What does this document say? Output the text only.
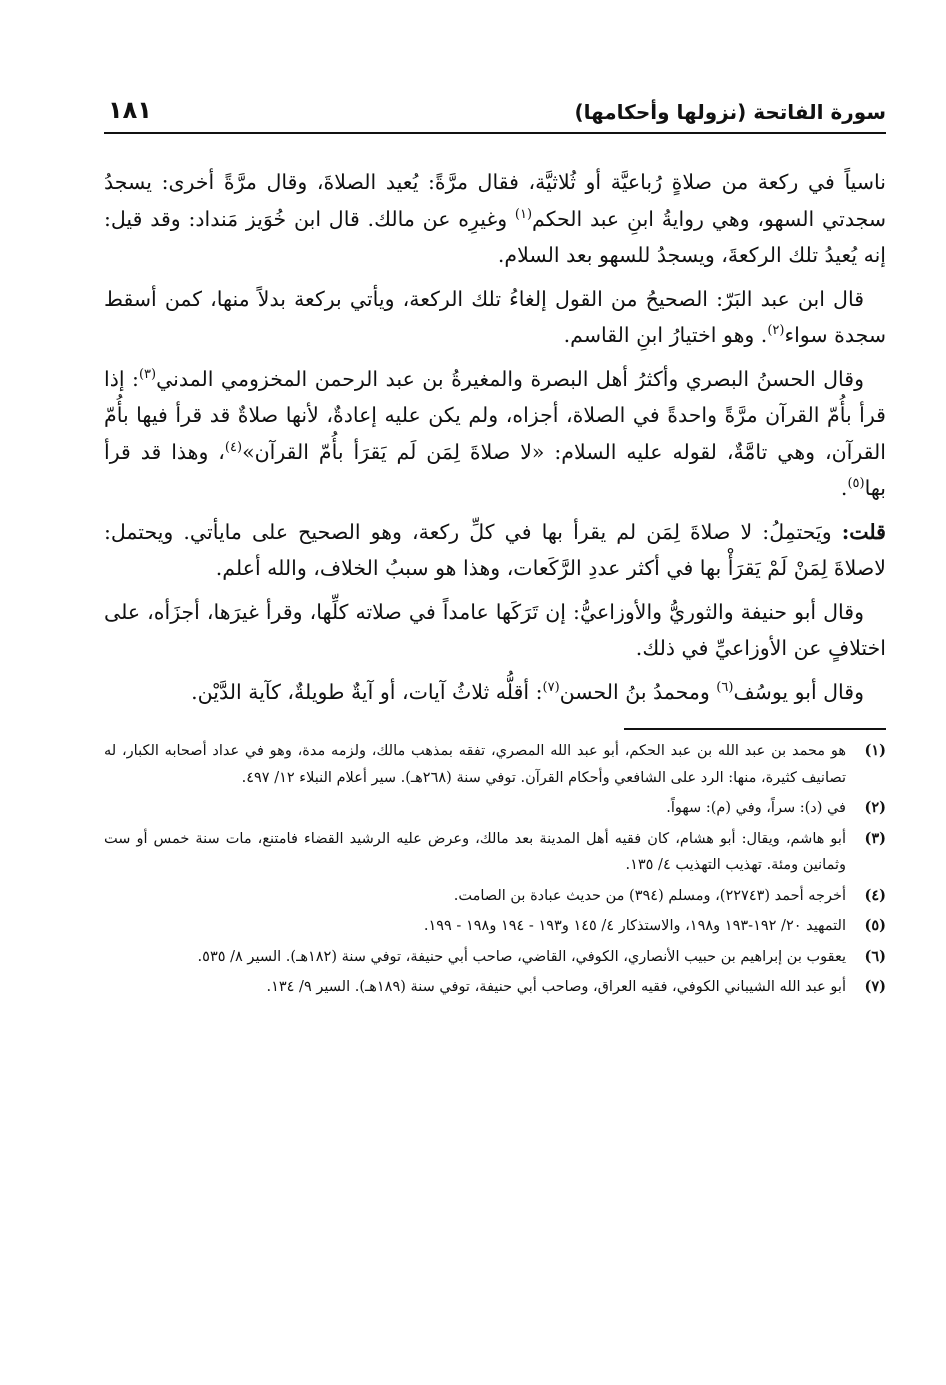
سورة الفاتحة (نزولها وأحكامها)
١٨١

ناسياً في ركعة من صلاةٍ رُباعيَّة أو ثُلاثيَّة، فقال مرَّةً: يُعيد الصلاةَ، وقال مرَّةً أخرى: يسجدُ سجدتي السهو، وهي روايةُ ابنِ عبد الحكم$^{(١)}$ وغيرِه عن مالك. قال ابن خُوَيز مَنداد: وقد قيل: إنه يُعيدُ تلك الركعةَ، ويسجدُ للسهو بعد السلام.

قال ابن عبد البَرّ: الصحيحُ من القول إلغاءُ تلك الركعة، ويأتي بركعة بدلاً منها، كمن أسقط سجدة سواء$^{(٢)}$. وهو اختيارُ ابنِ القاسم.

وقال الحسنُ البصري وأكثرُ أهل البصرة والمغيرةُ بن عبد الرحمن المخزومي المدني$^{(٣)}$: إذا قرأ بأُمّ القرآن مرَّةً واحدةً في الصلاة، أجزاه، ولم يكن عليه إعادةٌ، لأنها صلاةٌ قد قرأ فيها بأُمّ القرآن، وهي تامَّةٌ، لقوله عليه السلام: «لا صلاةَ لِمَن لَم يَقرَأ بأُمّ القرآن»$^{(٤)}$، وهذا قد قرأ بها$^{(٥)}$.

قلت: ويَحتمِلُ: لا صلاةَ لِمَن لم يقرأ بها في كلِّ ركعة، وهو الصحيح على مايأتي. ويحتمل: لاصلاةَ لِمَنْ لَمْ يَقرَأْ بها في أكثر عددِ الرَّكَعات، وهذا هو سببُ الخلاف، والله أعلم.

وقال أبو حنيفة والثوريُّ والأوزاعيُّ: إن تَرَكَها عامداً في صلاته كلِّها، وقرأ غيرَها، أجزَأه، على اختلافٍ عن الأوزاعيِّ في ذلك.

وقال أبو يوسُف$^{(٦)}$ ومحمدُ بنُ الحسن$^{(٧)}$: أقلُّه ثلاثُ آيات، أو آيةٌ طويلةٌ، كآية الدَّيْن.

(١)
هو محمد بن عبد الله بن عبد الحكم، أبو عبد الله المصري، تفقه بمذهب مالك، ولزمه مدة، وهو في عداد أصحابه الكبار، له تصانيف كثيرة، منها: الرد على الشافعي وأحكام القرآن. توفي سنة (٢٦٨هـ). سير أعلام النبلاء ١٢/ ٤٩٧.
(٢)
في (د): سراً، وفي (م): سهواً.
(٣)
أبو هاشم، ويقال: أبو هشام، كان فقيه أهل المدينة بعد مالك، وعرض عليه الرشيد القضاء فامتنع، مات سنة خمس أو ست وثمانين ومئة. تهذيب التهذيب ٤/ ١٣٥.
(٤)
أخرجه أحمد (٢٢٧٤٣)، ومسلم (٣٩٤) من حديث عبادة بن الصامت.
(٥)
التمهيد ٢٠/ ١٩٢-١٩٣ و١٩٨، والاستذكار ٤/ ١٤٥ و١٩٣ - ١٩٤ و١٩٨ - ١٩٩.
(٦)
يعقوب بن إبراهيم بن حبيب الأنصاري، الكوفي، القاضي، صاحب أبي حنيفة، توفي سنة (١٨٢هـ). السير ٨/ ٥٣٥.
(٧)
أبو عبد الله الشيباني الكوفي، فقيه العراق، وصاحب أبي حنيفة، توفي سنة (١٨٩هـ). السير ٩/ ١٣٤.
